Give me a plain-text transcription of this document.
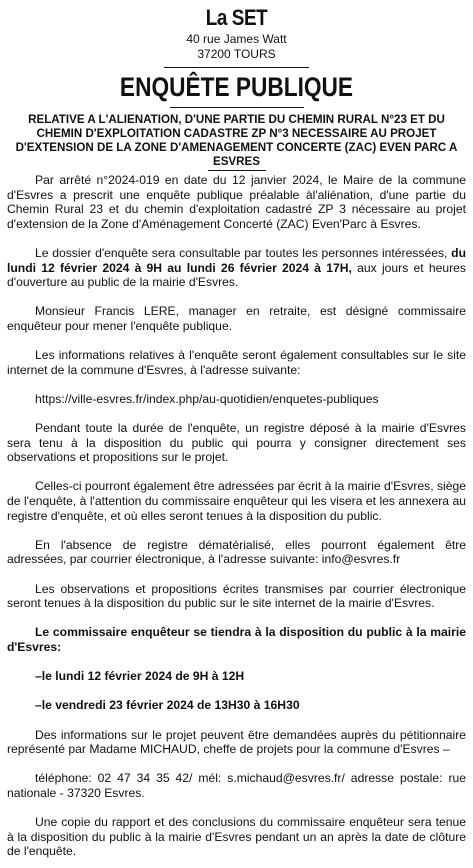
La SET
40 rue James Watt
37200 TOURS
ENQUÊTE PUBLIQUE
RELATIVE A L'ALIENATION, D'UNE PARTIE DU CHEMIN RURAL N°23 ET DU
CHEMIN D'EXPLOITATION CADASTRE ZP N°3 NECESSAIRE AU PROJET
D'EXTENSION DE LA ZONE D'AMENAGEMENT CONCERTE (ZAC) EVEN PARC A
ESVRES

Par arrêté n°2024-019 en date du 12 janvier 2024, le Maire de la commune d'Esvres a prescrit une enquête publique préalable àl'aliénation, d'une partie du Chemin Rural 23 et du chemin d'exploitation cadastré ZP 3 nécessaire au projet d'extension de la Zone d'Aménagement Concerté (ZAC) Even'Parc à Esvres.

Le dossier d'enquête sera consultable par toutes les personnes intéressées, du lundi 12 février 2024 à 9H au lundi 26 février 2024 à 17H, aux jours et heures d'ouverture au public de la mairie d'Esvres.

Monsieur Francis LERE, manager en retraite, est désigné commissaire enquêteur pour mener l'enquête publique.

Les informations relatives à l'enquête seront également consultables sur le site internet de la commune d'Esvres, à l'adresse suivante:

https://ville-esvres.fr/index.php/au-quotidien/enquetes-publiques

Pendant toute la durée de l'enquête, un registre déposé à la mairie d'Esvres sera tenu à la disposition du public qui pourra y consigner directement ses observations et propositions sur le projet.

Celles-ci pourront également être adressées par écrit à la mairie d'Esvres, siège de l'enquête, à l'attention du commissaire enquêteur qui les visera et les annexera au registre d'enquête, et où elles seront tenues à la disposition du public.

En l'absence de registre dématérialisé, elles pourront également être adressées, par courrier électronique, à l'adresse suivante: info@esvres.fr

Les observations et propositions écrites transmises par courrier électronique seront tenues à la disposition du public sur le site internet de la mairie d'Esvres.

Le commissaire enquêteur se tiendra à la disposition du public à la mairie d'Esvres:

–le lundi 12 février 2024 de 9H à 12H

–le vendredi 23 février 2024 de 13H30 à 16H30

Des informations sur le projet peuvent être demandées auprès du pétitionnaire représenté par Madame MICHAUD, cheffe de projets pour la commune d'Esvres –

téléphone: 02 47 34 35 42/ mél: s.michaud@esvres.fr/ adresse postale: rue nationale - 37320 Esvres.

Une copie du rapport et des conclusions du commissaire enquêteur sera tenue à la disposition du public à la mairie d'Esvres pendant un an après la date de clôture de l'enquête.
